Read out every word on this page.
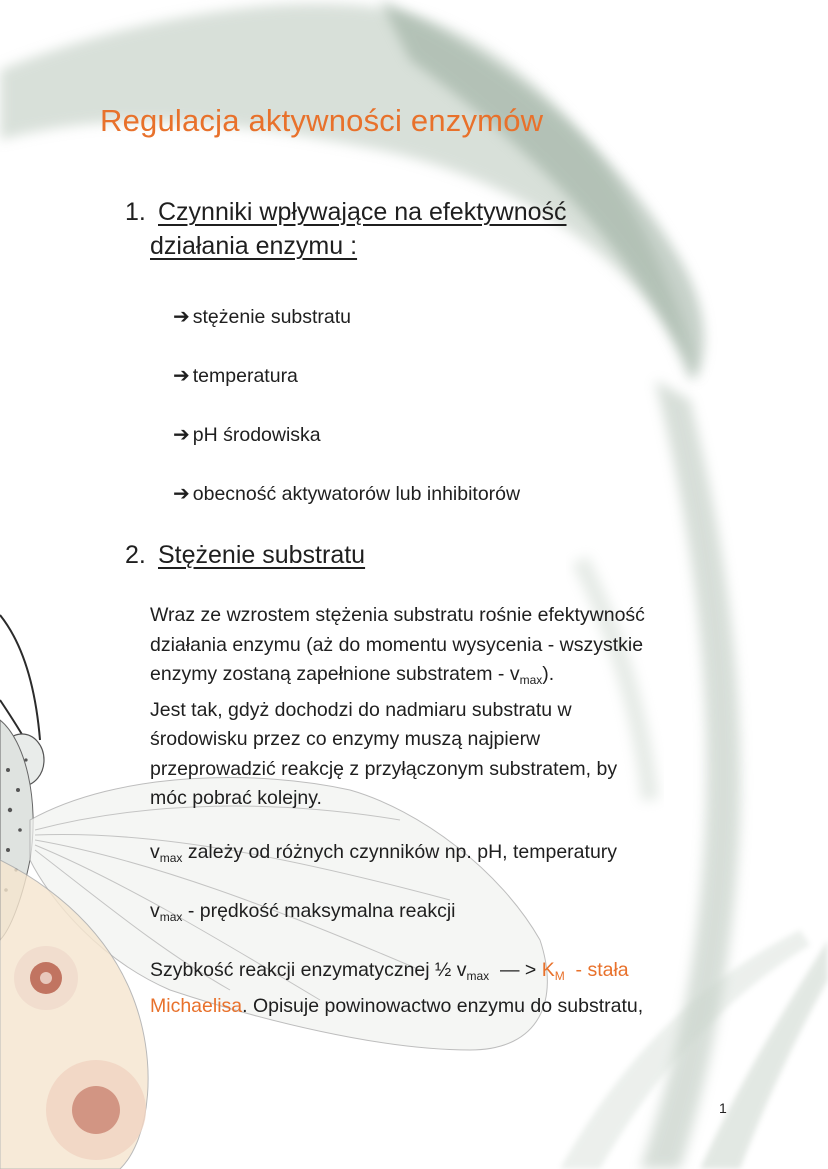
Regulacja aktywności enzymów
1. Czynniki wpływające na efektywność
działania enzymu :
➔ stężenie substratu
➔ temperatura
➔ pH środowiska
➔ obecność aktywatorów lub inhibitorów
2. Stężenie substratu
Wraz ze wzrostem stężenia substratu rośnie efektywność
działania enzymu (aż do momentu wysycenia - wszystkie
enzymy zostaną zapełnione substratem - $v_{max}$).
Jest tak, gdyż dochodzi do nadmiaru substratu w
środowisku przez co enzymy muszą najpierw
przeprowadzić reakcję z przyłączonym substratem, by
móc pobrać kolejny.
$v_{max}$ zależy od różnych czynników np. pH, temperatury
$v_{max}$ - prędkość maksymalna reakcji
Szybkość reakcji enzymatycznej ½ $v_{max}$  — > $K_M$  - stała
Michaelisa. Opisuje powinowactwo enzymu do substratu,
1
